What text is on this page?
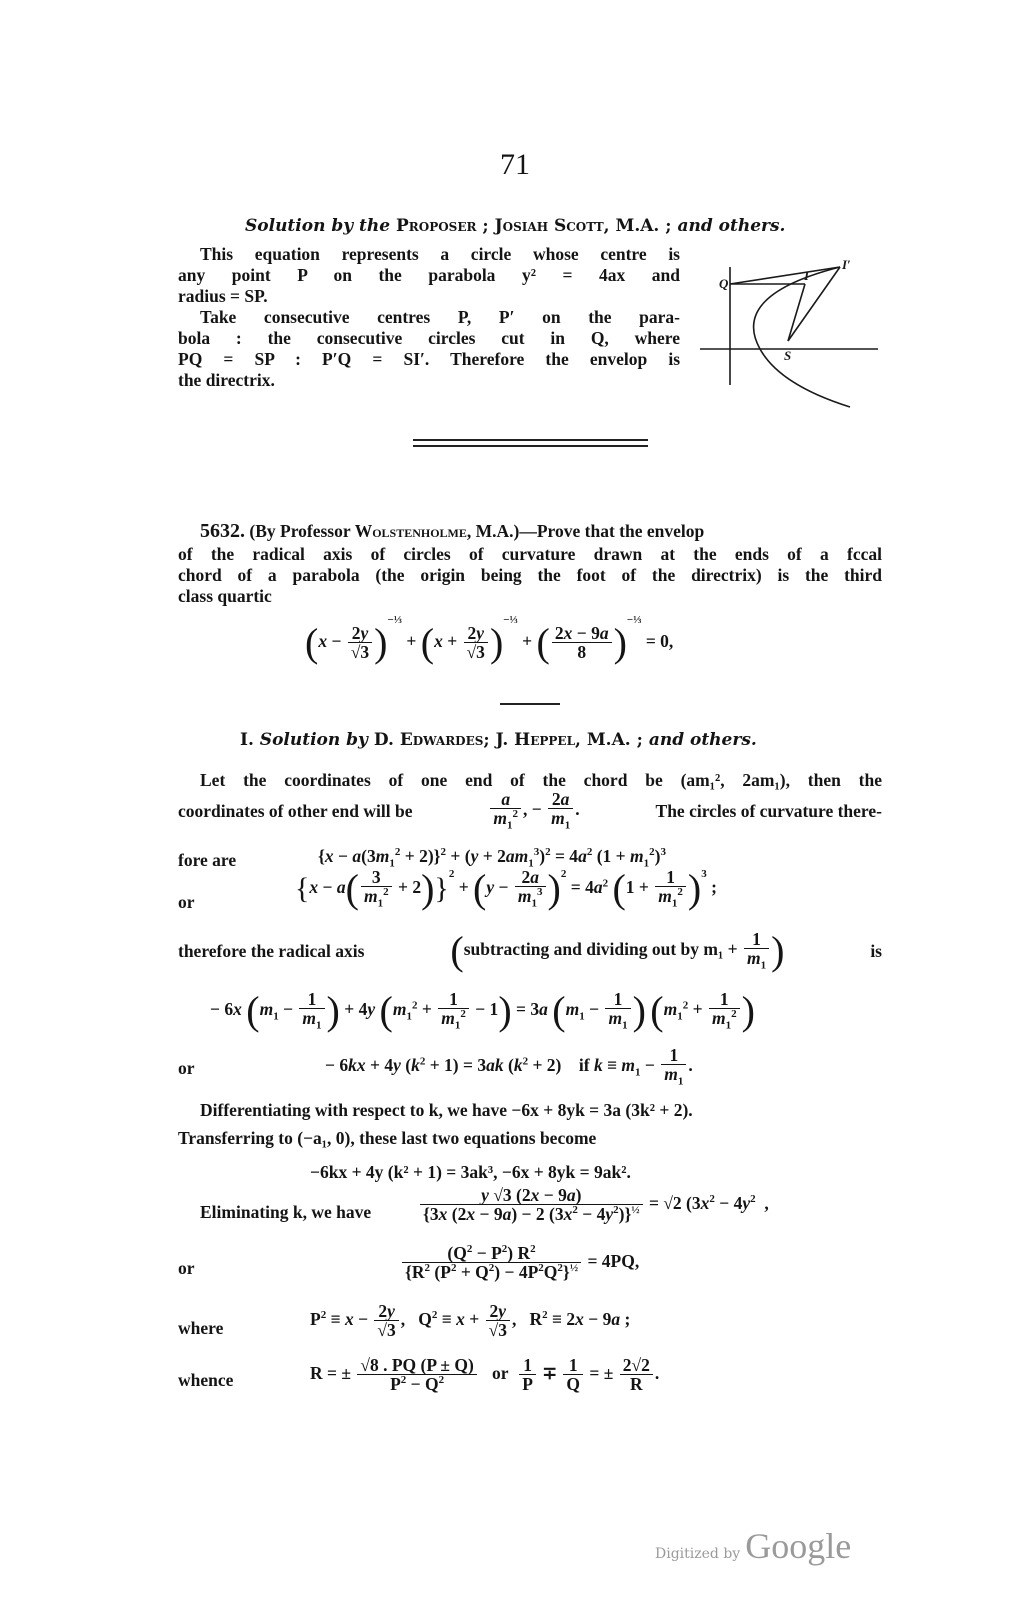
71
Solution by the Proposer ; Josiah Scott, M.A. ; and others.
This equation represents a circle whose centre is
any point P on the parabola y² = 4ax and
radius = SP.
Take consecutive centres P, P′ on the para-
bola : the consecutive circles cut in Q, where
PQ = SP : P′Q = SI′. Therefore the envelop is
the directrix.
Q
I
I′
S
5632. (By Professor Wolstenholme, M.A.)—Prove that the envelop
of the radical axis of circles of curvature drawn at the ends of a fccal
chord of a parabola (the origin being the foot of the directrix) is the third
class quartic
$(x - \frac{2y}{√3} )^{-\frac{1}{3}} + (x + \frac{2y}{√3} )^{-\frac{1}{3}}$ + ( $\frac{2x - 9a}{8} )^{-\frac{1}{3}} = 0$,
I. Solution by D. Edwardes; J. Heppel, M.A. ; and others.
Let the coordinates of one end of the chord be (am₁², 2am₁), then the
coordinates of other end will be	$\frac{a}{m_1^2}$ , − $\frac{2a}{m_1}$ .	The circles of curvature there-
fore are	$\{x - a(3m_1^2 + 2)\}^2 + (y + 2am_1^3)^2 = 4a^2$ $(1 + m_1^2)^3$
or	$\{x - a( \frac{3}{m_1^2} + 2)\}^2 + (y - \frac{2a}{m_1^3} )^2 = 4a^2$ $(1 + \frac{1}{m_1^2} )^3$ ;
therefore the radical axis (subtracting and dividing out by $m_1 + \frac{1}{m_1}$ )	is
− 6x ($m_1 - \frac{1}{m_1}$ ) + 4y $(m_1^2 + \frac{1}{m_1^2} - 1) = 3a$ ($m_1 - \frac{1}{m_1}$ ) ($m_1^2 + \frac{1}{m_1^2}$ )
or	− 6kx + 4y $(k^2 + 1) = 3ak$ $(k^2 + 2)$    if $k \equiv m_1 - \frac{1}{m_1}$ .
Differentiating with respect to k, we have −6x + 8yk = 3a (3k² + 2).
Transferring to (−a₁, 0), these last two equations become
−6kx + 4y (k² + 1) = 3ak³, −6x + 8yk = 9ak².
Eliminating k, we have	$\frac{y √3 (2x - 9a)}{\{3x (2x - 9a) - 2 (3x^2 - 4y^2)\}^{\frac{1}{2}}} = √2$ ($3x^2 - 4y^2$  ,
or	$\frac{(Q^2 - P^2) R^2}{\{R^2 (P^2 + Q^2) - 4P^2Q^2\}^{\frac{1}{2}}} = 4PQ$,
where	$P^2 \equiv x - \frac{2y}{√3}$ ,   $Q^2 \equiv x + \frac{2y}{√3}$ ,   $R^2 \equiv 2x - 9a$ ;
whence	R = ± $\frac{√8 . PQ (P \pm Q)}{P^2 - Q^2}$ or $\frac{1}{P} \mp \frac{1}{Q}$ = ± $\frac{2√2}{R}$ .
Digitized by Google
